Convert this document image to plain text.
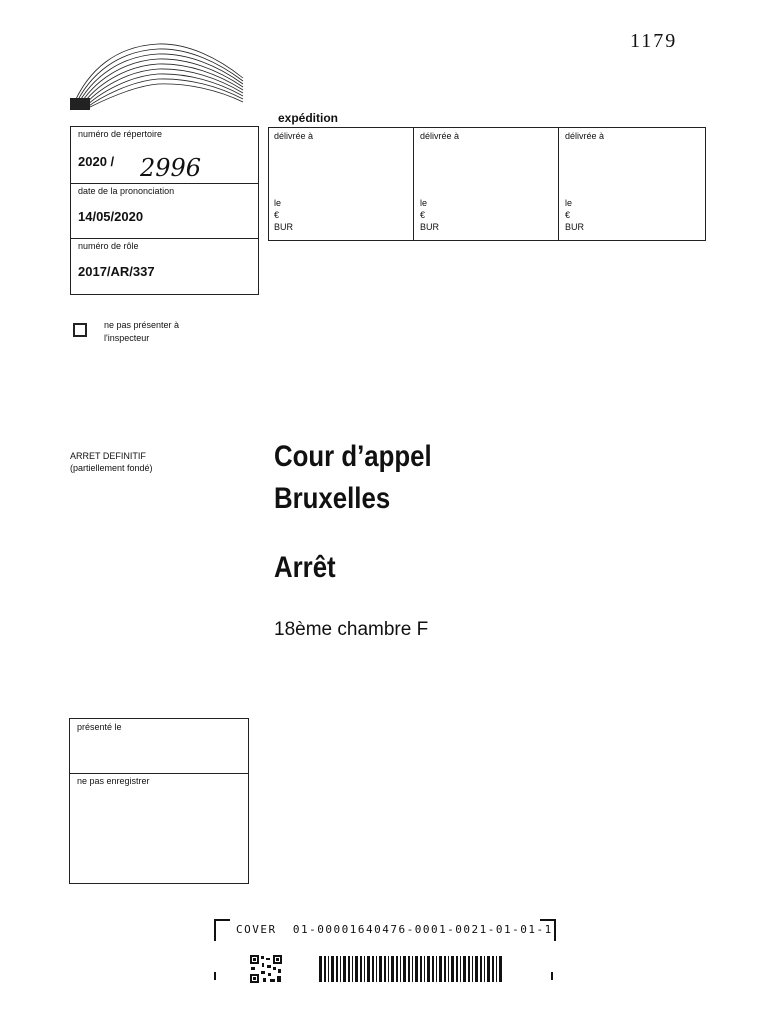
1179
expédition
délivrée à
le
€
BUR
délivrée à
le
€
BUR
délivrée à
le
€
BUR
numéro de répertoire
2020 / 2996
date de la prononciation
14/05/2020
numéro de rôle
2017/AR/337
ne pas présenter à
l'inspecteur
ARRET DEFINITIF
(partiellement fondé)	Cour d’appel
Bruxelles
Arrêt
18ème chambre F
présenté le
ne pas enregistrer
COVER  01-00001640476-0001-0021-01-01-1
